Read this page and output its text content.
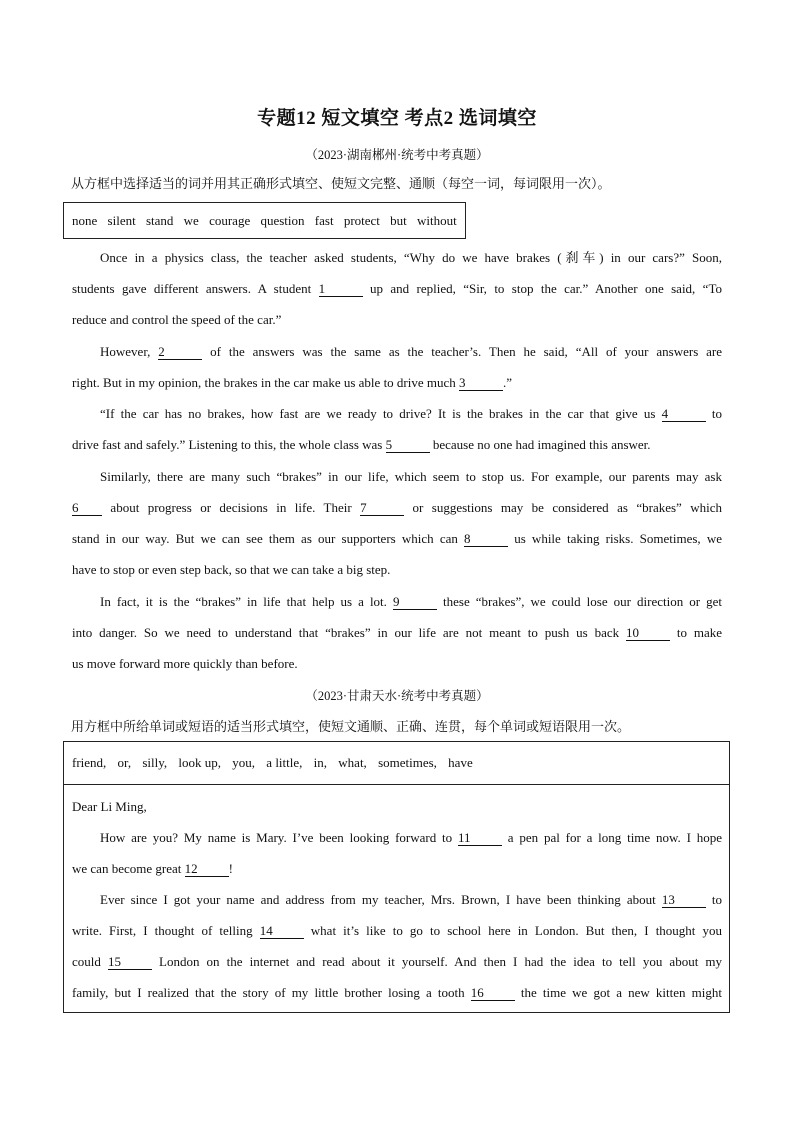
专题12 短文填空 考点2 选词填空
（2023·湖南郴州·统考中考真题）
从方框中选择适当的词并用其正确形式填空、使短文完整、通顺（每空一词，每词限用一次）。
none silent stand we courage question fast protect but without
Once in a physics class, the teacher asked students, “Why do we have brakes (刹车) in our cars?” Soon,
students gave different answers. A student 1	up and replied, “Sir, to stop the car.” Another one said, “To
reduce and control the speed of the car.”
However, 2	of the answers was the same as the teacher’s. Then he said, “All of your answers are
right. But in my opinion, the brakes in the car make us able to drive much 3	.”
“If the car has no brakes, how fast are we ready to drive? It is the brakes in the car that give us 4	to
drive fast and safely.” Listening to this, the whole class was 5	because no one had imagined this answer.
Similarly, there are many such “brakes” in our life, which seem to stop us. For example, our parents may ask
6 about progress or decisions in life. Their 7	or suggestions may be considered as “brakes” which
stand in our way. But we can see them as our supporters which can 8	us while taking risks. Sometimes, we
have to stop or even step back, so that we can take a big step.
In fact, it is the “brakes” in life that help us a lot. 9	these “brakes”, we could lose our direction or get
into danger. So we need to understand that “brakes” in our life are not meant to push us back 10 to make
us move forward more quickly than before.
（2023·甘肃天水·统考中考真题）
用方框中所给单词或短语的适当形式填空，使短文通顺、正确、连贯，每个单词或短语限用一次。
friend, or, silly, look up, you, a little, in, what, sometimes, have
Dear Li Ming,
How are you? My name is Mary. I’ve been looking forward to 11 a pen pal for a long time now. I hope
we can become great 12 !
Ever since I got your name and address from my teacher, Mrs. Brown, I have been thinking about 13 to
write. First, I thought of telling 14 what it’s like to go to school here in London. But then, I thought you
could 15 London on the internet and read about it yourself. And then I had the idea to tell you about my
family, but I realized that the story of my little brother losing a tooth 16 the time we got a new kitten might
